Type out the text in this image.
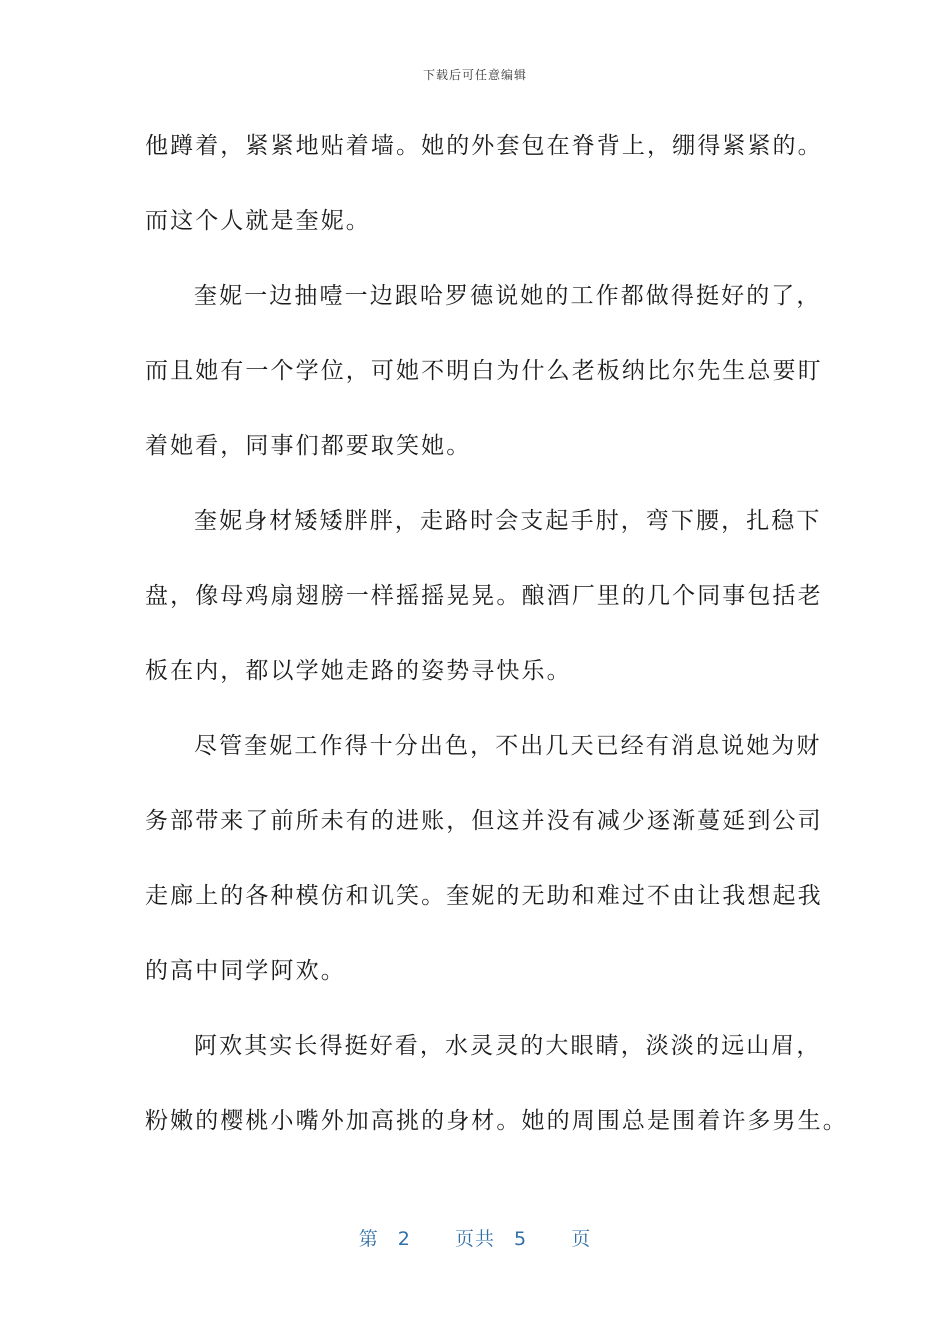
下载后可任意编辑
他蹲着，紧紧地贴着墙。她的外套包在脊背上，绷得紧紧的。
而这个人就是奎妮。
奎妮一边抽噎一边跟哈罗德说她的工作都做得挺好的了，
而且她有一个学位，可她不明白为什么老板纳比尔先生总要盯
着她看，同事们都要取笑她。
奎妮身材矮矮胖胖，走路时会支起手肘，弯下腰，扎稳下
盘，像母鸡扇翅膀一样摇摇晃晃。酿酒厂里的几个同事包括老
板在内，都以学她走路的姿势寻快乐。
尽管奎妮工作得十分出色，不出几天已经有消息说她为财
务部带来了前所未有的进账，但这并没有减少逐渐蔓延到公司
走廊上的各种模仿和讥笑。奎妮的无助和难过不由让我想起我
的高中同学阿欢。
阿欢其实长得挺好看，水灵灵的大眼睛，淡淡的远山眉，
粉嫩的樱桃小嘴外加高挑的身材。她的周围总是围着许多男生。
第 2 页共 5 页
